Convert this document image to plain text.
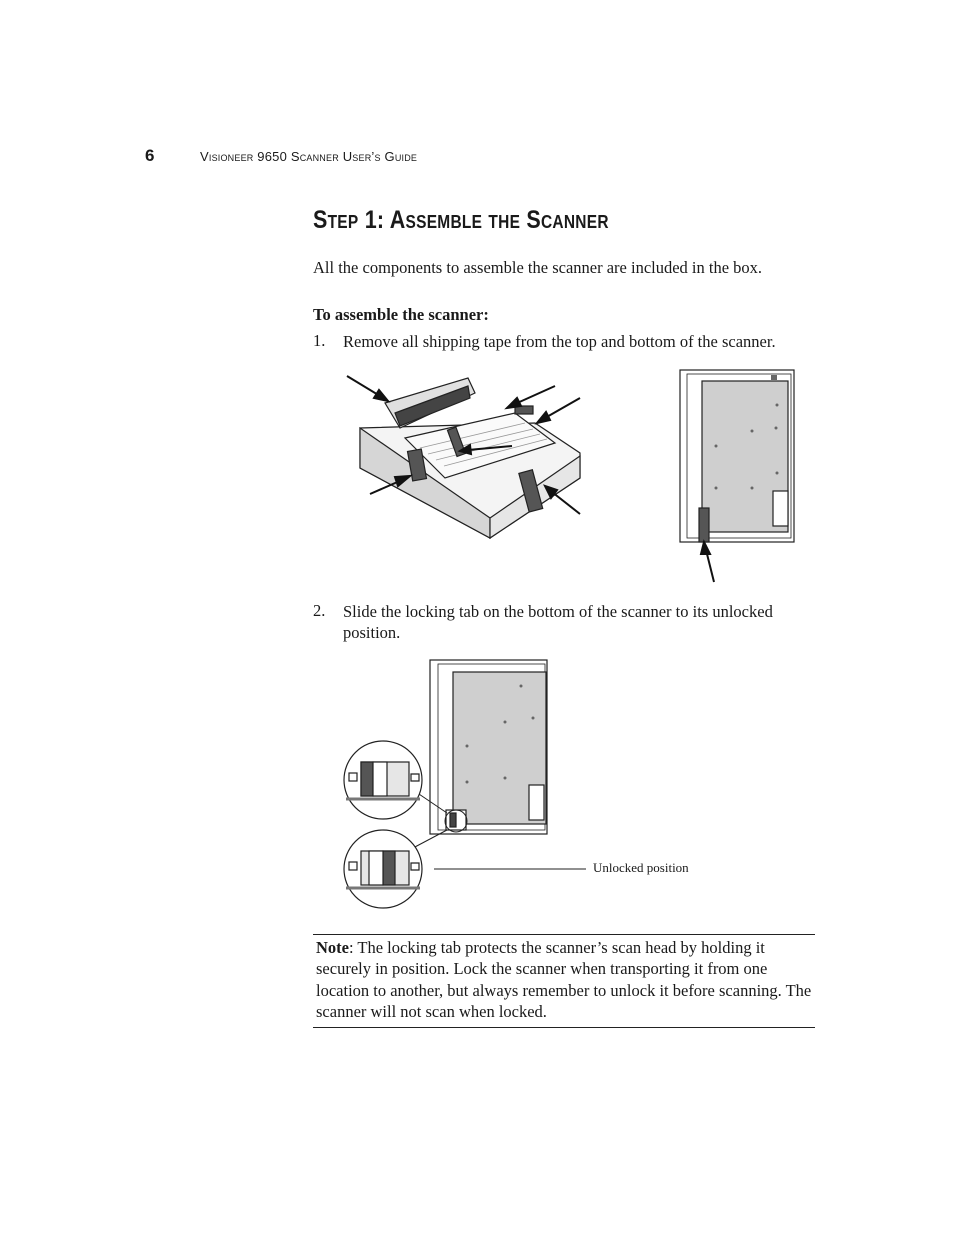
6	Visioneer 9650 Scanner User’s Guide
Step 1: Assemble the Scanner
All the components to assemble the scanner are included in the box.
To assemble the scanner:
1. Remove all shipping tape from the top and bottom of the scanner.
2. Slide the locking tab on the bottom of the scanner to its unlocked position.
Unlocked position

Note: The locking tab protects the scanner’s scan head by holding it securely in position. Lock the scanner when transporting it from one location to another, but always remember to unlock it before scanning. The scanner will not scan when locked.
